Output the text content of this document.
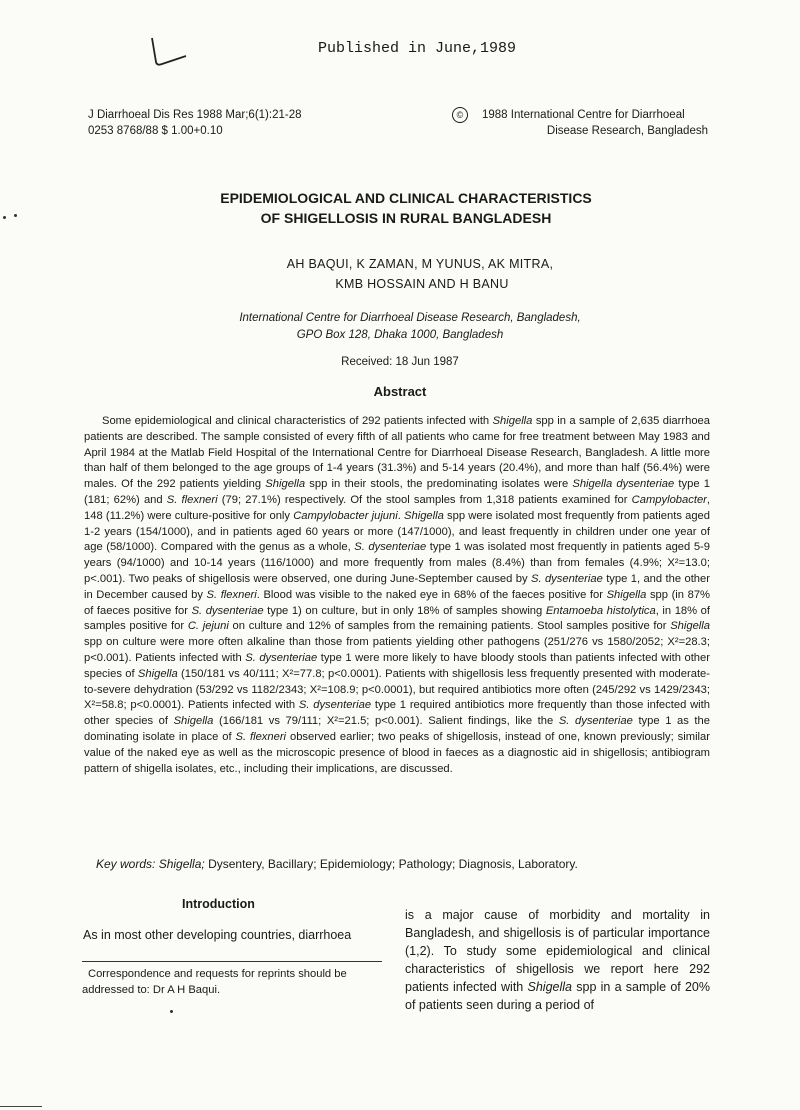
Published in June,1989
J Diarrhoeal Dis Res 1988 Mar;6(1):21-28
0253 8768/88 $ 1.00+0.10
© 1988 International Centre for Diarrhoeal
Disease Research, Bangladesh
EPIDEMIOLOGICAL AND CLINICAL CHARACTERISTICS
OF SHIGELLOSIS IN RURAL BANGLADESH
AH BAQUI, K ZAMAN, M YUNUS, AK MITRA,
KMB HOSSAIN AND H BANU
International Centre for Diarrhoeal Disease Research, Bangladesh,
GPO Box 128, Dhaka 1000, Bangladesh
Received: 18 Jun 1987
Abstract
Some epidemiological and clinical characteristics of 292 patients infected with Shigella spp in a sample of 2,635 diarrhoea patients are described. The sample consisted of every fifth of all patients who came for free treatment between May 1983 and April 1984 at the Matlab Field Hospital of the International Centre for Diarrhoeal Disease Research, Bangladesh. A little more than half of them belonged to the age groups of 1-4 years (31.3%) and 5-14 years (20.4%), and more than half (56.4%) were males. Of the 292 patients yielding Shigella spp in their stools, the predominating isolates were Shigella dysenteriae type 1 (181; 62%) and S. flexneri (79; 27.1%) respectively. Of the stool samples from 1,318 patients examined for Campylobacter, 148 (11.2%) were culture-positive for only Campylobacter jujuni. Shigella spp were isolated most frequently from patients aged 1-2 years (154/1000), and in patients aged 60 years or more (147/1000), and least frequently in children under one year of age (58/1000). Compared with the genus as a whole, S. dysenteriae type 1 was isolated most frequently in patients aged 5-9 years (94/1000) and 10-14 years (116/1000) and more frequently from males (8.4%) than from females (4.9%; X²=13.0; p<.001). Two peaks of shigellosis were observed, one during June-September caused by S. dysenteriae type 1, and the other in December caused by S. flexneri. Blood was visible to the naked eye in 68% of the faeces positive for Shigella spp (in 87% of faeces positive for S. dysenteriae type 1) on culture, but in only 18% of samples showing Entamoeba histolytica, in 18% of samples positive for C. jejuni on culture and 12% of samples from the remaining patients. Stool samples positive for Shigella spp on culture were more often alkaline than those from patients yielding other pathogens (251/276 vs 1580/2052; X²=28.3; p<0.001). Patients infected with S. dysenteriae type 1 were more likely to have bloody stools than patients infected with other species of Shigella (150/181 vs 40/111; X²=77.8; p<0.0001). Patients with shigellosis less frequently presented with moderate-to-severe dehydration (53/292 vs 1182/2343; X²=108.9; p<0.0001), but required antibiotics more often (245/292 vs 1429/2343; X²=58.8; p<0.0001). Patients infected with S. dysenteriae type 1 required antibiotics more frequently than those infected with other species of Shigella (166/181 vs 79/111; X²=21.5; p<0.001). Salient findings, like the S. dysenteriae type 1 as the dominating isolate in place of S. flexneri observed earlier; two peaks of shigellosis, instead of one, known previously; similar value of the naked eye as well as the microscopic presence of blood in faeces as a diagnostic aid in shigellosis; antibiogram pattern of shigella isolates, etc., including their implications, are discussed.
Key words: Shigella; Dysentery, Bacillary; Epidemiology; Pathology; Diagnosis, Laboratory.
Introduction
As in most other developing countries, diarrhoea
Correspondence and requests for reprints should be addressed to: Dr A H Baqui.
is a major cause of morbidity and mortality in Bangladesh, and shigellosis is of particular importance (1,2). To study some epidemiological and clinical characteristics of shigellosis we report here 292 patients infected with Shigella spp in a sample of 20% of patients seen during a period of
